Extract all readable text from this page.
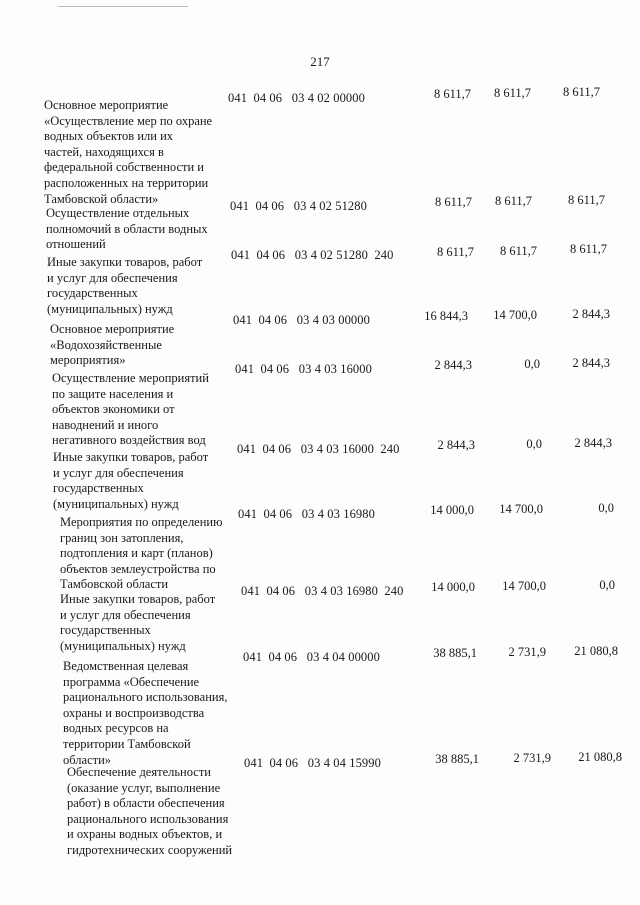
217
Основное мероприятие
«Осуществление мер по охране
водных объектов или их
частей, находящихся в
федеральной собственности и
расположенных на территории
Тамбовской области»
041  04 06   03 4 02 00000	8 611,7	8 611,7	8 611,7
Осуществление отдельных
полномочий в области водных
отношений
041  04 06   03 4 02 51280	8 611,7	8 611,7	8 611,7
Иные закупки товаров, работ
и услуг для обеспечения
государственных
(муниципальных) нужд
041  04 06   03 4 02 51280  240	8 611,7	8 611,7	8 611,7
Основное мероприятие
«Водохозяйственные
мероприятия»
041  04 06   03 4 03 00000	16 844,3	14 700,0	2 844,3
Осуществление мероприятий
по защите населения и
объектов экономики от
наводнений и иного
негативного воздействия вод
041  04 06   03 4 03 16000	2 844,3	0,0	2 844,3
Иные закупки товаров, работ
и услуг для обеспечения
государственных
(муниципальных) нужд
041  04 06   03 4 03 16000  240	2 844,3	0,0	2 844,3
Мероприятия по определению
границ зон затопления,
подтопления и карт (планов)
объектов землеустройства по
Тамбовской области
041  04 06   03 4 03 16980	14 000,0	14 700,0	0,0
Иные закупки товаров, работ
и услуг для обеспечения
государственных
(муниципальных) нужд
041  04 06   03 4 03 16980  240	14 000,0	14 700,0	0,0
Ведомственная целевая
программа «Обеспечение
рационального использования,
охраны и воспроизводства
водных ресурсов на
территории Тамбовской
области»
041  04 06   03 4 04 00000	38 885,1	2 731,9	21 080,8
Обеспечение деятельности
(оказание услуг, выполнение
работ) в области обеспечения
рационального использования
и охраны водных объектов, и
гидротехнических сооружений
041  04 06   03 4 04 15990	38 885,1	2 731,9	21 080,8
